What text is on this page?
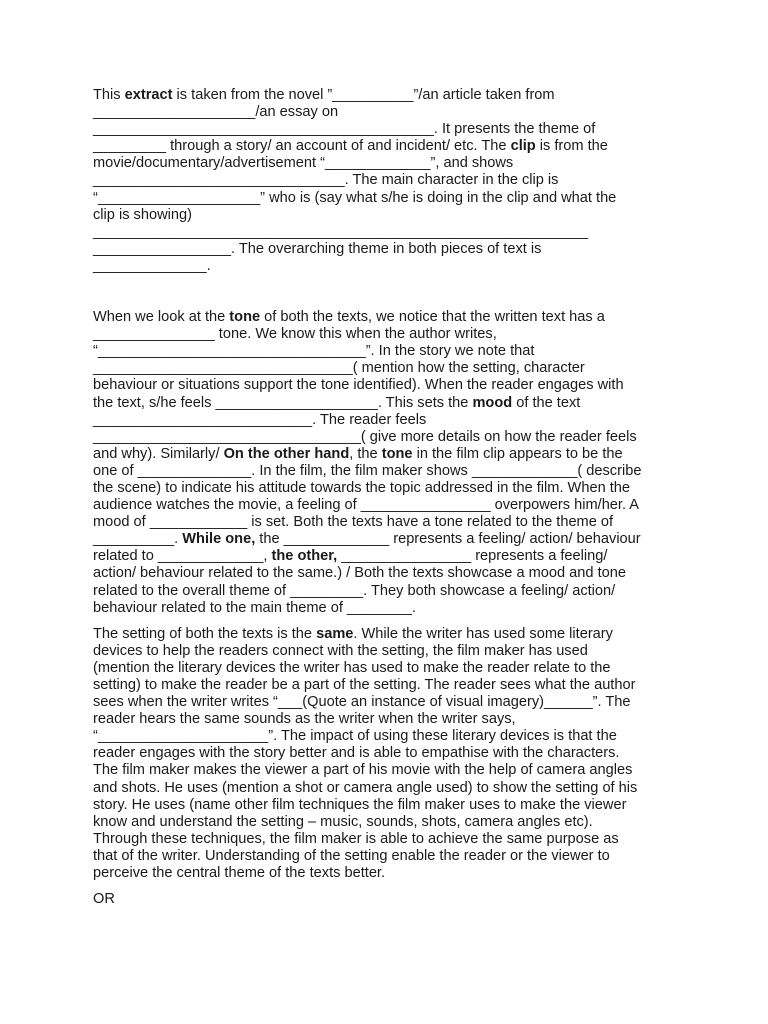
This extract is taken from the novel ”__________”/an article taken from
____________________/an essay on
__________________________________________. It presents the theme of
_________ through a story/ an account of and incident/ etc. The clip is from the
movie/documentary/advertisement “_____________”, and shows
_______________________________. The main character in the clip is
“____________________” who is (say what s/he is doing in the clip and what the
clip is showing)
_____________________________________________________________
_________________. The overarching theme in both pieces of text is
______________.
When we look at the tone of both the texts, we notice that the written text has a
_______________ tone. We know this when the author writes,
“_________________________________”. In the story we note that
________________________________( mention how the setting, character
behaviour or situations support the tone identified). When the reader engages with
the text, s/he feels ____________________. This sets the mood of the text
___________________________. The reader feels
_________________________________( give more details on how the reader feels
and why). Similarly/ On the other hand, the tone in the film clip appears to be the
one of ______________. In the film, the film maker shows _____________( describe
the scene) to indicate his attitude towards the topic addressed in the film. When the
audience watches the movie, a feeling of ________________ overpowers him/her. A
mood of ____________ is set. Both the texts have a tone related to the theme of
__________. While one, the _____________ represents a feeling/ action/ behaviour
related to _____________, the other, ________________ represents a feeling/
action/ behaviour related to the same.) / Both the texts showcase a mood and tone
related to the overall theme of _________. They both showcase a feeling/ action/
behaviour related to the main theme of ________.
The setting of both the texts is the same. While the writer has used some literary
devices to help the readers connect with the setting, the film maker has used
(mention the literary devices the writer has used to make the reader relate to the
setting) to make the reader be a part of the setting. The reader sees what the author
sees when the writer writes “___(Quote an instance of visual imagery)______”. The
reader hears the same sounds as the writer when the writer says,
“_____________________”. The impact of using these literary devices is that the
reader engages with the story better and is able to empathise with the characters.
The film maker makes the viewer a part of his movie with the help of camera angles
and shots. He uses (mention a shot or camera angle used) to show the setting of his
story. He uses (name other film techniques the film maker uses to make the viewer
know and understand the setting – music, sounds, shots, camera angles etc).
Through these techniques, the film maker is able to achieve the same purpose as
that of the writer. Understanding of the setting enable the reader or the viewer to
perceive the central theme of the texts better.
OR
